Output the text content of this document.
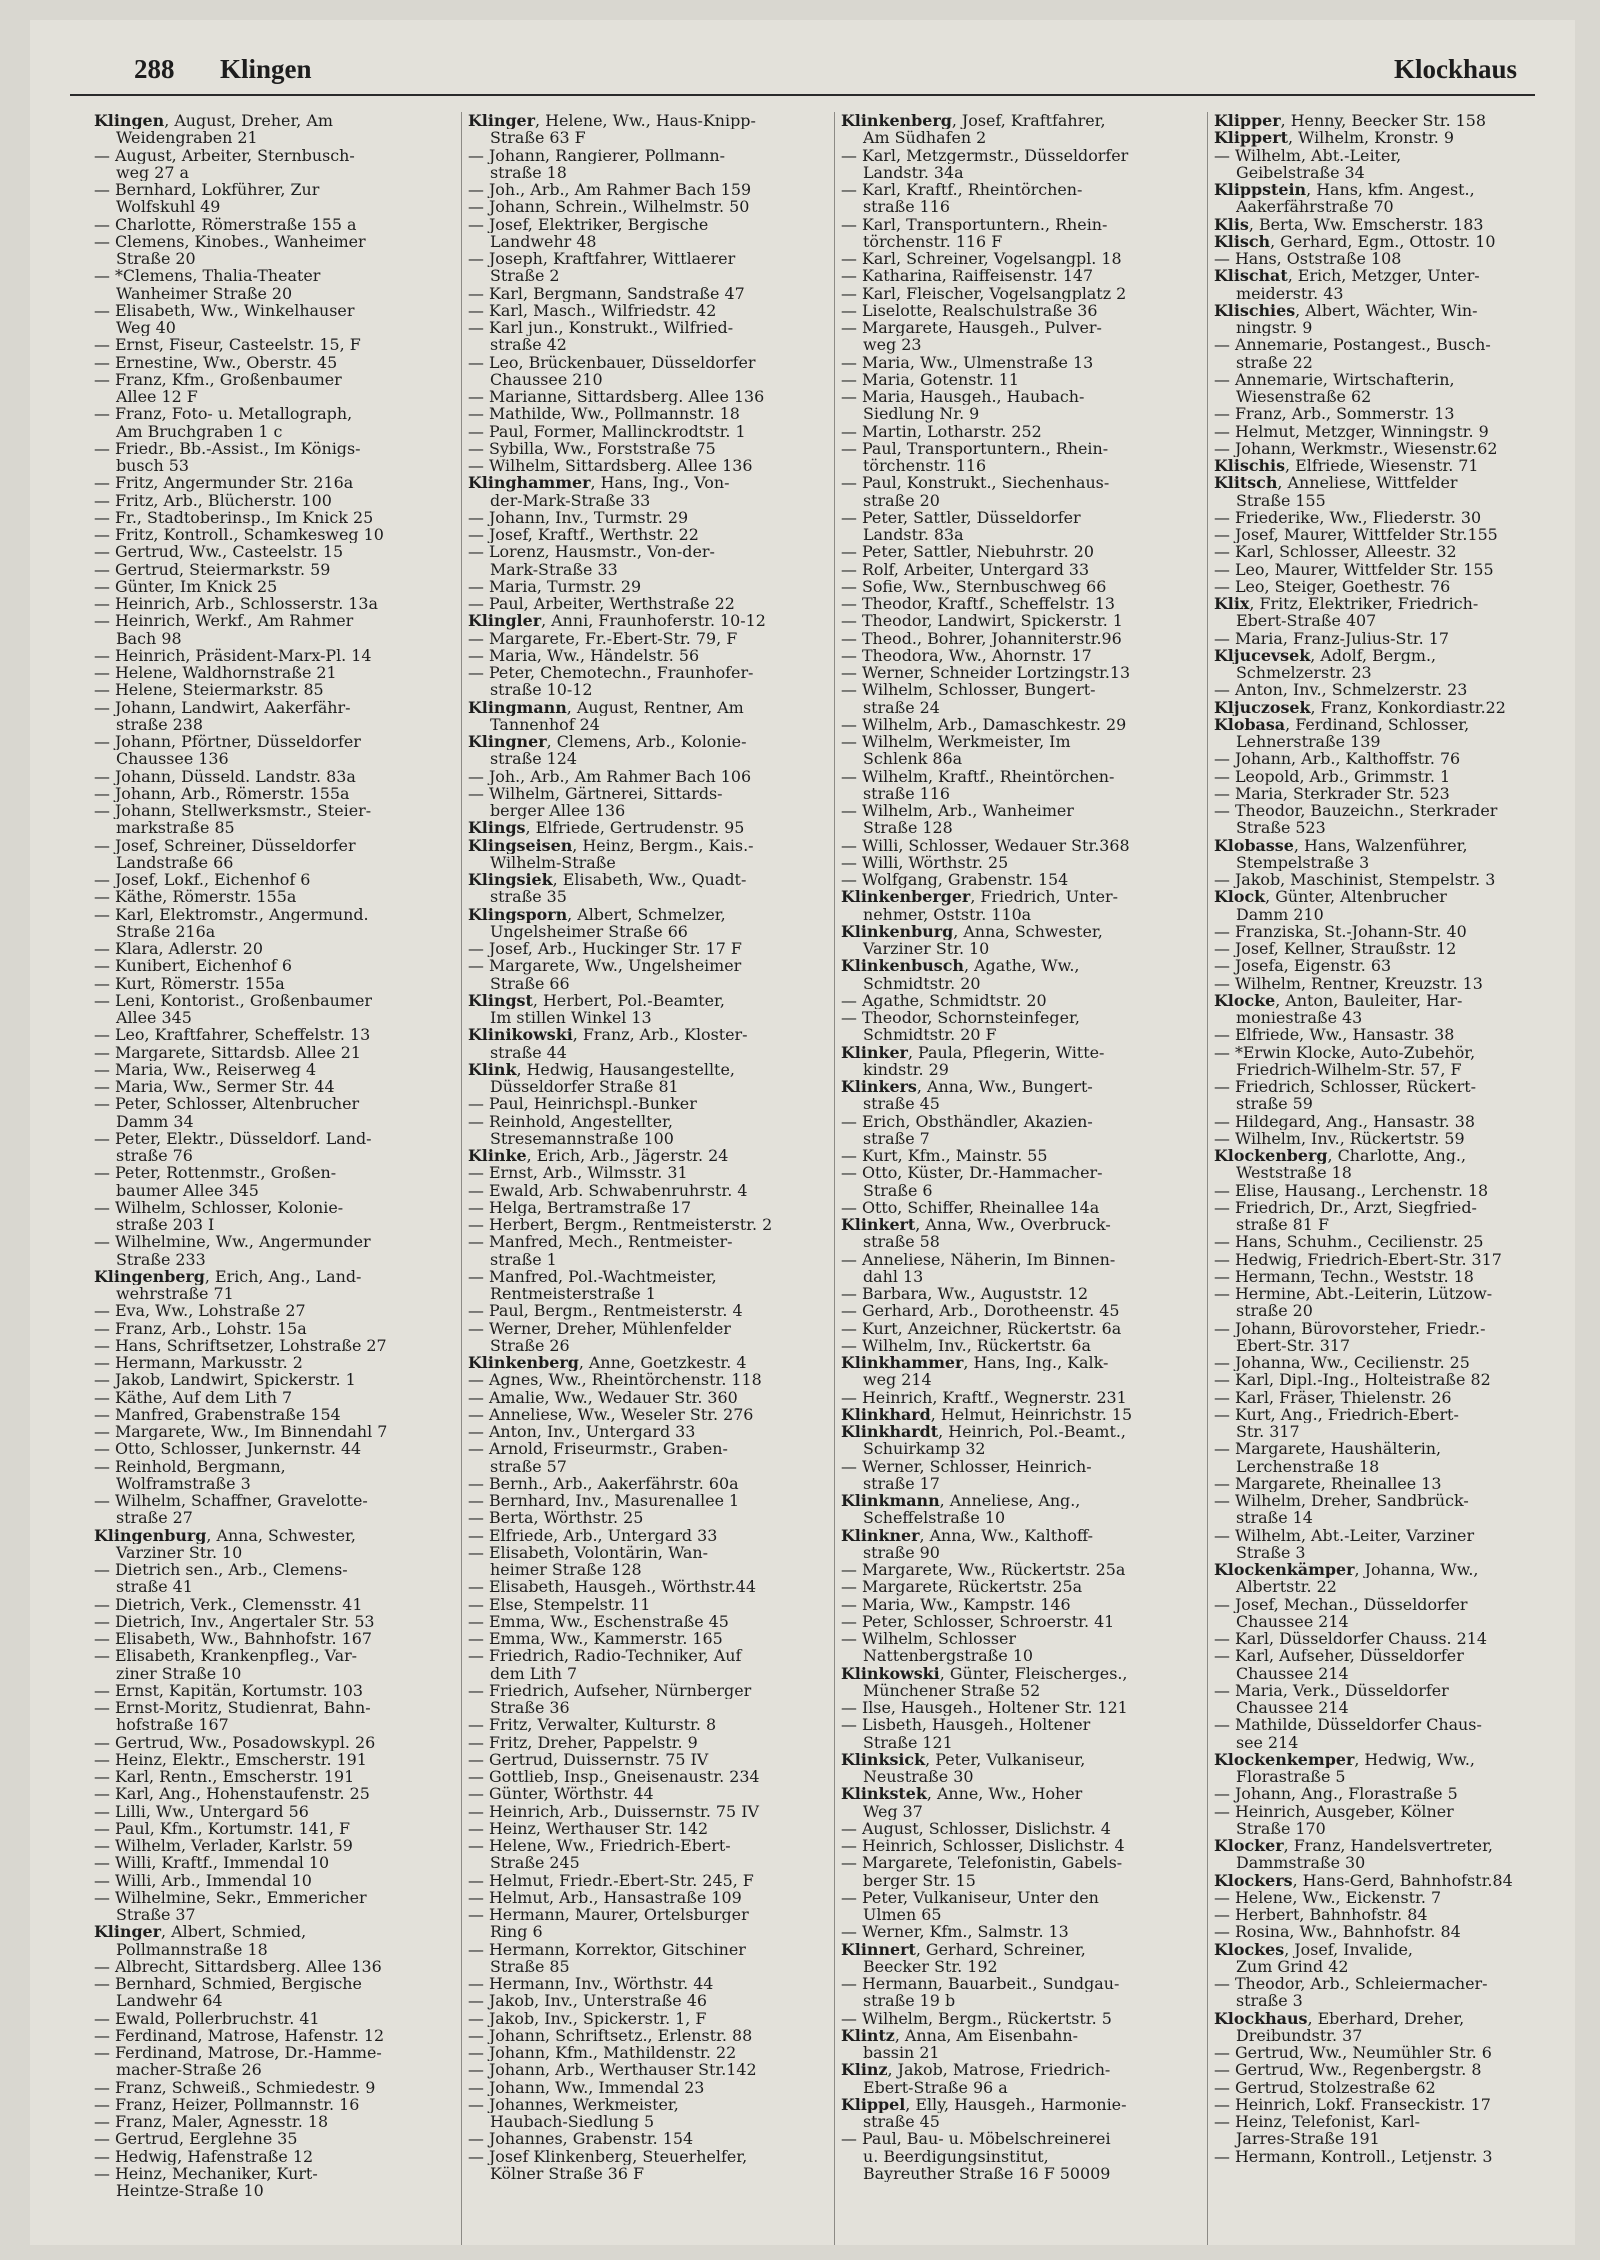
288 Klingen	Klockhaus
Klingen, August, Dreher, Am
Weidengraben 21
— August, Arbeiter, Sternbusch-
weg 27 a
— Bernhard, Lokführer, Zur
Wolfskuhl 49
— Charlotte, Römerstraße 155 a
— Clemens, Kinobes., Wanheimer
Straße 20
— *Clemens, Thalia-Theater
Wanheimer Straße 20
— Elisabeth, Ww., Winkelhauser
Weg 40
— Ernst, Fiseur, Casteelstr. 15, F
— Ernestine, Ww., Oberstr. 45
— Franz, Kfm., Großenbaumer
Allee 12 F
— Franz, Foto- u. Metallograph,
Am Bruchgraben 1 c
— Friedr., Bb.-Assist., Im Königs-
busch 53
— Fritz, Angermunder Str. 216a
— Fritz, Arb., Blücherstr. 100
— Fr., Stadtoberinsp., Im Knick 25
— Fritz, Kontroll., Schamkesweg 10
— Gertrud, Ww., Casteelstr. 15
— Gertrud, Steiermarkstr. 59
— Günter, Im Knick 25
— Heinrich, Arb., Schlosserstr. 13a
— Heinrich, Werkf., Am Rahmer
Bach 98
— Heinrich, Präsident-Marx-Pl. 14
— Helene, Waldhornstraße 21
— Helene, Steiermarkstr. 85
— Johann, Landwirt, Aakerfähr-
straße 238
— Johann, Pförtner, Düsseldorfer
Chaussee 136
— Johann, Düsseld. Landstr. 83a
— Johann, Arb., Römerstr. 155a
— Johann, Stellwerksmstr., Steier-
markstraße 85
— Josef, Schreiner, Düsseldorfer
Landstraße 66
— Josef, Lokf., Eichenhof 6
— Käthe, Römerstr. 155a
— Karl, Elektromstr., Angermund.
Straße 216a
— Klara, Adlerstr. 20
— Kunibert, Eichenhof 6
— Kurt, Römerstr. 155a
— Leni, Kontorist., Großenbaumer
Allee 345
— Leo, Kraftfahrer, Scheffelstr. 13
— Margarete, Sittardsb. Allee 21
— Maria, Ww., Reiserweg 4
— Maria, Ww., Sermer Str. 44
— Peter, Schlosser, Altenbrucher
Damm 34
— Peter, Elektr., Düsseldorf. Land-
straße 76
— Peter, Rottenmstr., Großen-
baumer Allee 345
— Wilhelm, Schlosser, Kolonie-
straße 203 I
— Wilhelmine, Ww., Angermunder
Straße 233
Klingenberg, Erich, Ang., Land-
wehrstraße 71
— Eva, Ww., Lohstraße 27
— Franz, Arb., Lohstr. 15a
— Hans, Schriftsetzer, Lohstraße 27
— Hermann, Markusstr. 2
— Jakob, Landwirt, Spickerstr. 1
— Käthe, Auf dem Lith 7
— Manfred, Grabenstraße 154
— Margarete, Ww., Im Binnendahl 7
— Otto, Schlosser, Junkernstr. 44
— Reinhold, Bergmann,
Wolframstraße 3
— Wilhelm, Schaffner, Gravelotte-
straße 27
Klingenburg, Anna, Schwester,
Varziner Str. 10
— Dietrich sen., Arb., Clemens-
straße 41
— Dietrich, Verk., Clemensstr. 41
— Dietrich, Inv., Angertaler Str. 53
— Elisabeth, Ww., Bahnhofstr. 167
— Elisabeth, Krankenpfleg., Var-
ziner Straße 10
— Ernst, Kapitän, Kortumstr. 103
— Ernst-Moritz, Studienrat, Bahn-
hofstraße 167
— Gertrud, Ww., Posadowskypl. 26
— Heinz, Elektr., Emscherstr. 191
— Karl, Rentn., Emscherstr. 191
— Karl, Ang., Hohenstaufenstr. 25
— Lilli, Ww., Untergard 56
— Paul, Kfm., Kortumstr. 141, F
— Wilhelm, Verlader, Karlstr. 59
— Willi, Kraftf., Immendal 10
— Willi, Arb., Immendal 10
— Wilhelmine, Sekr., Emmericher
Straße 37
Klinger, Albert, Schmied,
Pollmannstraße 18
— Albrecht, Sittardsberg. Allee 136
— Bernhard, Schmied, Bergische
Landwehr 64
— Ewald, Pollerbruchstr. 41
— Ferdinand, Matrose, Hafenstr. 12
— Ferdinand, Matrose, Dr.-Hamme-
macher-Straße 26
— Franz, Schweiß., Schmiedestr. 9
— Franz, Heizer, Pollmannstr. 16
— Franz, Maler, Agnesstr. 18
— Gertrud, Eerglehne 35
— Hedwig, Hafenstraße 12
— Heinz, Mechaniker, Kurt-
Heintze-Straße 10
Klinger, Helene, Ww., Haus-Knipp-
Straße 63 F
— Johann, Rangierer, Pollmann-
straße 18
— Joh., Arb., Am Rahmer Bach 159
— Johann, Schrein., Wilhelmstr. 50
— Josef, Elektriker, Bergische
Landwehr 48
— Joseph, Kraftfahrer, Wittlaerer
Straße 2
— Karl, Bergmann, Sandstraße 47
— Karl, Masch., Wilfriedstr. 42
— Karl jun., Konstrukt., Wilfried-
straße 42
— Leo, Brückenbauer, Düsseldorfer
Chaussee 210
— Marianne, Sittardsberg. Allee 136
— Mathilde, Ww., Pollmannstr. 18
— Paul, Former, Mallinckrodtstr. 1
— Sybilla, Ww., Forststraße 75
— Wilhelm, Sittardsberg. Allee 136
Klinghammer, Hans, Ing., Von-
der-Mark-Straße 33
— Johann, Inv., Turmstr. 29
— Josef, Kraftf., Werthstr. 22
— Lorenz, Hausmstr., Von-der-
Mark-Straße 33
— Maria, Turmstr. 29
— Paul, Arbeiter, Werthstraße 22
Klingler, Anni, Fraunhoferstr. 10-12
— Margarete, Fr.-Ebert-Str. 79, F
— Maria, Ww., Händelstr. 56
— Peter, Chemotechn., Fraunhofer-
straße 10-12
Klingmann, August, Rentner, Am
Tannenhof 24
Klingner, Clemens, Arb., Kolonie-
straße 124
— Joh., Arb., Am Rahmer Bach 106
— Wilhelm, Gärtnerei, Sittards-
berger Allee 136
Klings, Elfriede, Gertrudenstr. 95
Klingseisen, Heinz, Bergm., Kais.-
Wilhelm-Straße
Klingsiek, Elisabeth, Ww., Quadt-
straße 35
Klingsporn, Albert, Schmelzer,
Ungelsheimer Straße 66
— Josef, Arb., Huckinger Str. 17 F
— Margarete, Ww., Ungelsheimer
Straße 66
Klingst, Herbert, Pol.-Beamter,
Im stillen Winkel 13
Klinikowski, Franz, Arb., Kloster-
straße 44
Klink, Hedwig, Hausangestellte,
Düsseldorfer Straße 81
— Paul, Heinrichspl.-Bunker
— Reinhold, Angestellter,
Stresemannstraße 100
Klinke, Erich, Arb., Jägerstr. 24
— Ernst, Arb., Wilmsstr. 31
— Ewald, Arb. Schwabenruhrstr. 4
— Helga, Bertramstraße 17
— Herbert, Bergm., Rentmeisterstr. 2
— Manfred, Mech., Rentmeister-
straße 1
— Manfred, Pol.-Wachtmeister,
Rentmeisterstraße 1
— Paul, Bergm., Rentmeisterstr. 4
— Werner, Dreher, Mühlenfelder
Straße 26
Klinkenberg, Anne, Goetzkestr. 4
— Agnes, Ww., Rheintörchenstr. 118
— Amalie, Ww., Wedauer Str. 360
— Anneliese, Ww., Weseler Str. 276
— Anton, Inv., Untergard 33
— Arnold, Friseurmstr., Graben-
straße 57
— Bernh., Arb., Aakerfährstr. 60a
— Bernhard, Inv., Masurenallee 1
— Berta, Wörthstr. 25
— Elfriede, Arb., Untergard 33
— Elisabeth, Volontärin, Wan-
heimer Straße 128
— Elisabeth, Hausgeh., Wörthstr.44
— Else, Stempelstr. 11
— Emma, Ww., Eschenstraße 45
— Emma, Ww., Kammerstr. 165
— Friedrich, Radio-Techniker, Auf
dem Lith 7
— Friedrich, Aufseher, Nürnberger
Straße 36
— Fritz, Verwalter, Kulturstr. 8
— Fritz, Dreher, Pappelstr. 9
— Gertrud, Duissernstr. 75 IV
— Gottlieb, Insp., Gneisenaustr. 234
— Günter, Wörthstr. 44
— Heinrich, Arb., Duissernstr. 75 IV
— Heinz, Werthauser Str. 142
— Helene, Ww., Friedrich-Ebert-
Straße 245
— Helmut, Friedr.-Ebert-Str. 245, F
— Helmut, Arb., Hansastraße 109
— Hermann, Maurer, Ortelsburger
Ring 6
— Hermann, Korrektor, Gitschiner
Straße 85
— Hermann, Inv., Wörthstr. 44
— Jakob, Inv., Unterstraße 46
— Jakob, Inv., Spickerstr. 1, F
— Johann, Schriftsetz., Erlenstr. 88
— Johann, Kfm., Mathildenstr. 22
— Johann, Arb., Werthauser Str.142
— Johann, Ww., Immendal 23
— Johannes, Werkmeister,
Haubach-Siedlung 5
— Johannes, Grabenstr. 154
— Josef Klinkenberg, Steuerhelfer,
Kölner Straße 36 F
Klinkenberg, Josef, Kraftfahrer,
Am Südhafen 2
— Karl, Metzgermstr., Düsseldorfer
Landstr. 34a
— Karl, Kraftf., Rheintörchen-
straße 116
— Karl, Transportuntern., Rhein-
törchenstr. 116 F
— Karl, Schreiner, Vogelsangpl. 18
— Katharina, Raiffeisenstr. 147
— Karl, Fleischer, Vogelsangplatz 2
— Liselotte, Realschulstraße 36
— Margarete, Hausgeh., Pulver-
weg 23
— Maria, Ww., Ulmenstraße 13
— Maria, Gotenstr. 11
— Maria, Hausgeh., Haubach-
Siedlung Nr. 9
— Martin, Lotharstr. 252
— Paul, Transportuntern., Rhein-
törchenstr. 116
— Paul, Konstrukt., Siechenhaus-
straße 20
— Peter, Sattler, Düsseldorfer
Landstr. 83a
— Peter, Sattler, Niebuhrstr. 20
— Rolf, Arbeiter, Untergard 33
— Sofie, Ww., Sternbuschweg 66
— Theodor, Kraftf., Scheffelstr. 13
— Theodor, Landwirt, Spickerstr. 1
— Theod., Bohrer, Johanniterstr.96
— Theodora, Ww., Ahornstr. 17
— Werner, Schneider Lortzingstr.13
— Wilhelm, Schlosser, Bungert-
straße 24
— Wilhelm, Arb., Damaschkestr. 29
— Wilhelm, Werkmeister, Im
Schlenk 86a
— Wilhelm, Kraftf., Rheintörchen-
straße 116
— Wilhelm, Arb., Wanheimer
Straße 128
— Willi, Schlosser, Wedauer Str.368
— Willi, Wörthstr. 25
— Wolfgang, Grabenstr. 154
Klinkenberger, Friedrich, Unter-
nehmer, Oststr. 110a
Klinkenburg, Anna, Schwester,
Varziner Str. 10
Klinkenbusch, Agathe, Ww.,
Schmidtstr. 20
— Agathe, Schmidtstr. 20
— Theodor, Schornsteinfeger,
Schmidtstr. 20 F
Klinker, Paula, Pflegerin, Witte-
kindstr. 29
Klinkers, Anna, Ww., Bungert-
straße 45
— Erich, Obsthändler, Akazien-
straße 7
— Kurt, Kfm., Mainstr. 55
— Otto, Küster, Dr.-Hammacher-
Straße 6
— Otto, Schiffer, Rheinallee 14a
Klinkert, Anna, Ww., Overbruck-
straße 58
— Anneliese, Näherin, Im Binnen-
dahl 13
— Barbara, Ww., Auguststr. 12
— Gerhard, Arb., Dorotheenstr. 45
— Kurt, Anzeichner, Rückertstr. 6a
— Wilhelm, Inv., Rückertstr. 6a
Klinkhammer, Hans, Ing., Kalk-
weg 214
— Heinrich, Kraftf., Wegnerstr. 231
Klinkhard, Helmut, Heinrichstr. 15
Klinkhardt, Heinrich, Pol.-Beamt.,
Schuirkamp 32
— Werner, Schlosser, Heinrich-
straße 17
Klinkmann, Anneliese, Ang.,
Scheffelstraße 10
Klinkner, Anna, Ww., Kalthoff-
straße 90
— Margarete, Ww., Rückertstr. 25a
— Margarete, Rückertstr. 25a
— Maria, Ww., Kampstr. 146
— Peter, Schlosser, Schroerstr. 41
— Wilhelm, Schlosser
Nattenbergstraße 10
Klinkowski, Günter, Fleischerges.,
Münchener Straße 52
— Ilse, Hausgeh., Holtener Str. 121
— Lisbeth, Hausgeh., Holtener
Straße 121
Klinksick, Peter, Vulkaniseur,
Neustraße 30
Klinkstek, Anne, Ww., Hoher
Weg 37
— August, Schlosser, Dislichstr. 4
— Heinrich, Schlosser, Dislichstr. 4
— Margarete, Telefonistin, Gabels-
berger Str. 15
— Peter, Vulkaniseur, Unter den
Ulmen 65
— Werner, Kfm., Salmstr. 13
Klinnert, Gerhard, Schreiner,
Beecker Str. 192
— Hermann, Bauarbeit., Sundgau-
straße 19 b
— Wilhelm, Bergm., Rückertstr. 5
Klintz, Anna, Am Eisenbahn-
bassin 21
Klinz, Jakob, Matrose, Friedrich-
Ebert-Straße 96 a
Klippel, Elly, Hausgeh., Harmonie-
straße 45
— Paul, Bau- u. Möbelschreinerei
u. Beerdigungsinstitut,
Bayreuther Straße 16 F 50009
Klipper, Henny, Beecker Str. 158
Klippert, Wilhelm, Kronstr. 9
— Wilhelm, Abt.-Leiter,
Geibelstraße 34
Klippstein, Hans, kfm. Angest.,
Aakerfährstraße 70
Klis, Berta, Ww. Emscherstr. 183
Klisch, Gerhard, Egm., Ottostr. 10
— Hans, Oststraße 108
Klischat, Erich, Metzger, Unter-
meiderstr. 43
Klischies, Albert, Wächter, Win-
ningstr. 9
— Annemarie, Postangest., Busch-
straße 22
— Annemarie, Wirtschafterin,
Wiesenstraße 62
— Franz, Arb., Sommerstr. 13
— Helmut, Metzger, Winningstr. 9
— Johann, Werkmstr., Wiesenstr.62
Klischis, Elfriede, Wiesenstr. 71
Klitsch, Anneliese, Wittfelder
Straße 155
— Friederike, Ww., Fliederstr. 30
— Josef, Maurer, Wittfelder Str.155
— Karl, Schlosser, Alleestr. 32
— Leo, Maurer, Wittfelder Str. 155
— Leo, Steiger, Goethestr. 76
Klix, Fritz, Elektriker, Friedrich-
Ebert-Straße 407
— Maria, Franz-Julius-Str. 17
Kljucevsek, Adolf, Bergm.,
Schmelzerstr. 23
— Anton, Inv., Schmelzerstr. 23
Kljuczosek, Franz, Konkordiastr.22
Klobasa, Ferdinand, Schlosser,
Lehnerstraße 139
— Johann, Arb., Kalthoffstr. 76
— Leopold, Arb., Grimmstr. 1
— Maria, Sterkrader Str. 523
— Theodor, Bauzeichn., Sterkrader
Straße 523
Klobasse, Hans, Walzenführer,
Stempelstraße 3
— Jakob, Maschinist, Stempelstr. 3
Klock, Günter, Altenbrucher
Damm 210
— Franziska, St.-Johann-Str. 40
— Josef, Kellner, Straußstr. 12
— Josefa, Eigenstr. 63
— Wilhelm, Rentner, Kreuzstr. 13
Klocke, Anton, Bauleiter, Har-
moniestraße 43
— Elfriede, Ww., Hansastr. 38
— *Erwin Klocke, Auto-Zubehör,
Friedrich-Wilhelm-Str. 57, F
— Friedrich, Schlosser, Rückert-
straße 59
— Hildegard, Ang., Hansastr. 38
— Wilhelm, Inv., Rückertstr. 59
Klockenberg, Charlotte, Ang.,
Weststraße 18
— Elise, Hausang., Lerchenstr. 18
— Friedrich, Dr., Arzt, Siegfried-
straße 81 F
— Hans, Schuhm., Cecilienstr. 25
— Hedwig, Friedrich-Ebert-Str. 317
— Hermann, Techn., Weststr. 18
— Hermine, Abt.-Leiterin, Lützow-
straße 20
— Johann, Bürovorsteher, Friedr.-
Ebert-Str. 317
— Johanna, Ww., Cecilienstr. 25
— Karl, Dipl.-Ing., Holteistraße 82
— Karl, Fräser, Thielenstr. 26
— Kurt, Ang., Friedrich-Ebert-
Str. 317
— Margarete, Haushälterin,
Lerchenstraße 18
— Margarete, Rheinallee 13
— Wilhelm, Dreher, Sandbrück-
straße 14
— Wilhelm, Abt.-Leiter, Varziner
Straße 3
Klockenkämper, Johanna, Ww.,
Albertstr. 22
— Josef, Mechan., Düsseldorfer
Chaussee 214
— Karl, Düsseldorfer Chauss. 214
— Karl, Aufseher, Düsseldorfer
Chaussee 214
— Maria, Verk., Düsseldorfer
Chaussee 214
— Mathilde, Düsseldorfer Chaus-
see 214
Klockenkemper, Hedwig, Ww.,
Florastraße 5
— Johann, Ang., Florastraße 5
— Heinrich, Ausgeber, Kölner
Straße 170
Klocker, Franz, Handelsvertreter,
Dammstraße 30
Klockers, Hans-Gerd, Bahnhofstr.84
— Helene, Ww., Eickenstr. 7
— Herbert, Bahnhofstr. 84
— Rosina, Ww., Bahnhofstr. 84
Klockes, Josef, Invalide,
Zum Grind 42
— Theodor, Arb., Schleiermacher-
straße 3
Klockhaus, Eberhard, Dreher,
Dreibundstr. 37
— Gertrud, Ww., Neumühler Str. 6
— Gertrud, Ww., Regenbergstr. 8
— Gertrud, Stolzestraße 62
— Heinrich, Lokf. Franseckistr. 17
— Heinz, Telefonist, Karl-
Jarres-Straße 191
— Hermann, Kontroll., Letjenstr. 3
